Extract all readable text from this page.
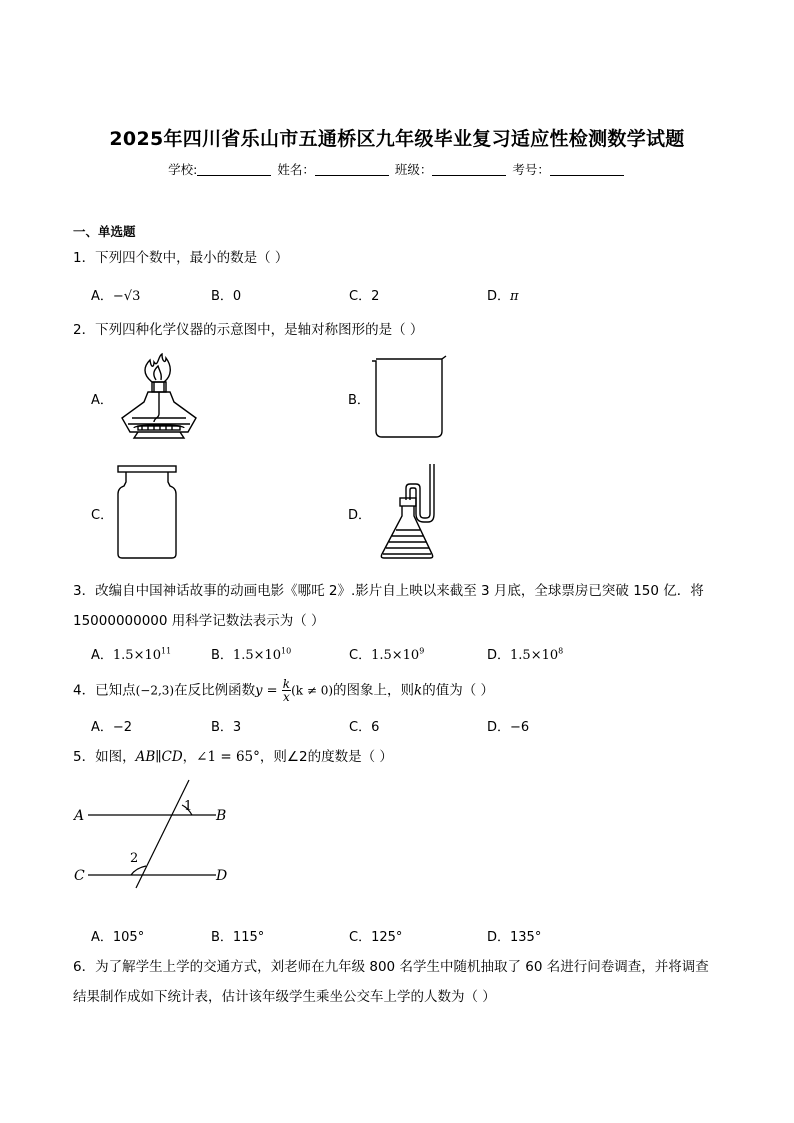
2025年四川省乐山市五通桥区九年级毕业复习适应性检测数学试题
学校:	姓名：	班级：	考号：
一、单选题
1．下列四个数中，最小的数是（ ）
A．−√3	B．0	C．2	D．π
2．下列四种化学仪器的示意图中，是轴对称图形的是（ ）
A．	B．
C．	D．
3．改编自中国神话故事的动画电影《哪吒 2》.影片自上映以来截至 3 月底，全球票房已突破 150 亿．将
15000000000 用科学记数法表示为（ ）
A．$1.5\times 10^{11}$	B．$1.5\times 10^{10}$	C．$1.5\times 10^9$	D．$1.5\times 10^8$
4．已知点(−2,3)在反比例函数$y = \frac{k}{x} (k \ne 0)$的图象上，则k的值为（ ）
A．−2	B．3	C．6	D．−6
5．如图，AB∥CD，∠1 = 65°，则∠2的度数是（ ）
A	B
C	D
1
2
A．105°	B．115°	C．125°	D．135°
6．为了解学生上学的交通方式，刘老师在九年级 800 名学生中随机抽取了 60 名进行问卷调查，并将调查
结果制作成如下统计表，估计该年级学生乘坐公交车上学的人数为（ ）
